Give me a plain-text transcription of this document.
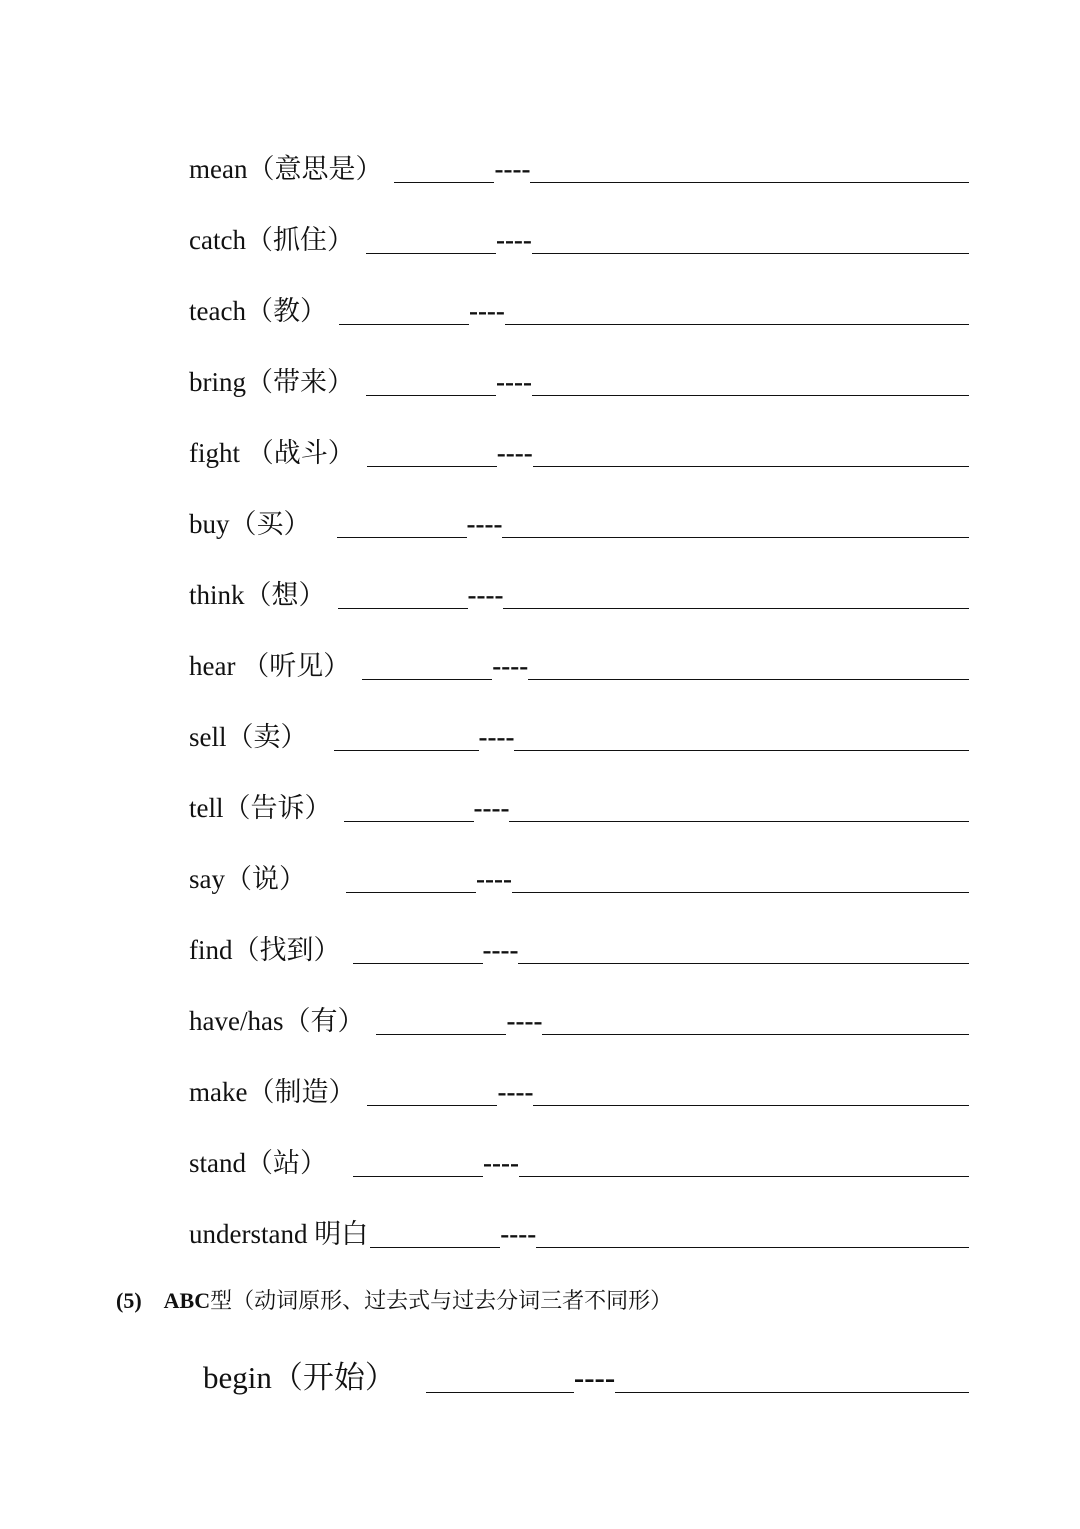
mean（意思是）	----
catch（抓住）	----
teach（教）	----
bring（带来）	----
fight （战斗）	----
buy（买）	----
think（想）	----
hear （听见）	----
sell（卖）	----
tell（告诉）	----
say（说）	----
find（找到）	----
have/has（有）	----
make（制造）	----
stand（站）	----
understand 明白	----
(5) ABC型（动词原形、过去式与过去分词三者不同形）
begin（开始）	----
